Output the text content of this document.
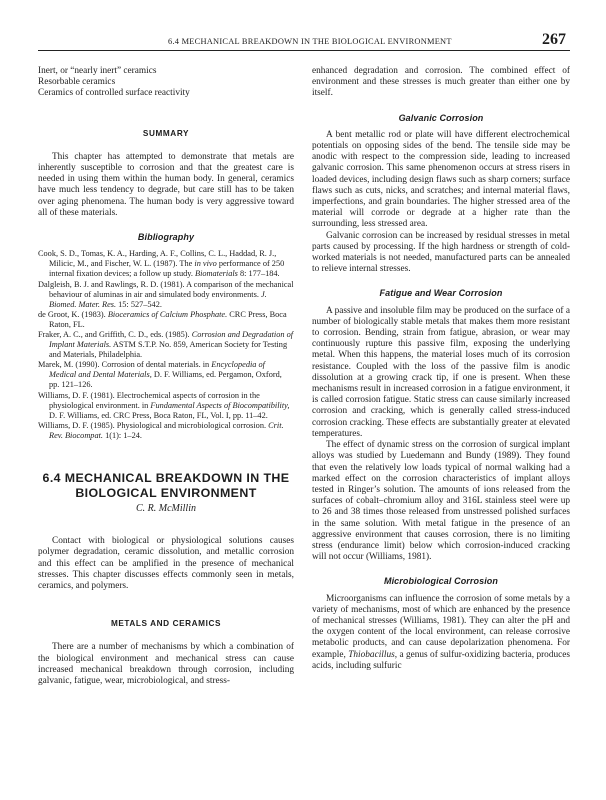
6.4 MECHANICAL BREAKDOWN IN THE BIOLOGICAL ENVIRONMENT	267
Inert, or “nearly inert” ceramics
Resorbable ceramics
Ceramics of controlled surface reactivity
SUMMARY

This chapter has attempted to demonstrate that metals are inherently susceptible to corrosion and that the greatest care is needed in using them within the human body. In general, ceramics have much less tendency to degrade, but care still has to be taken over aging phenomena. The human body is very aggressive toward all of these materials.

Bibliography

Cook, S. D., Tomas, K. A., Harding, A. F., Collins, C. L., Haddad, R. J., Milicic, M., and Fischer, W. L. (1987). The in vivo performance of 250 internal fixation devices; a follow up study. Biomaterials 8: 177–184.

Dalgleish, B. J. and Rawlings, R. D. (1981). A comparison of the mechanical behaviour of aluminas in air and simulated body environments. J. Biomed. Mater. Res. 15: 527–542.

de Groot, K. (1983). Bioceramics of Calcium Phosphate. CRC Press, Boca Raton, FL.

Fraker, A. C., and Griffith, C. D., eds. (1985). Corrosion and Degradation of Implant Materials. ASTM S.T.P. No. 859, American Society for Testing and Materials, Philadelphia.

Marek, M. (1990). Corrosion of dental materials. in Encyclopedia of Medical and Dental Materials, D. F. Williams, ed. Pergamon, Oxford, pp. 121–126.

Williams, D. F. (1981). Electrochemical aspects of corrosion in the physiological environment. in Fundamental Aspects of Biocompatibility, D. F. Williams, ed. CRC Press, Boca Raton, FL, Vol. I, pp. 11–42.

Williams, D. F. (1985). Physiological and microbiological corrosion. Crit. Rev. Biocompat. 1(1): 1–24.

6.4 MECHANICAL BREAKDOWN IN THE
BIOLOGICAL ENVIRONMENT
C. R. McMillin

Contact with biological or physiological solutions causes polymer degradation, ceramic dissolution, and metallic corrosion and this effect can be amplified in the presence of mechanical stresses. This chapter discusses effects commonly seen in metals, ceramics, and polymers.

METALS AND CERAMICS

There are a number of mechanisms by which a combination of the biological environment and mechanical stress can cause increased mechanical breakdown through corrosion, including galvanic, fatigue, wear, microbiological, and stress-

enhanced degradation and corrosion. The combined effect of environment and these stresses is much greater than either one by itself.

Galvanic Corrosion

A bent metallic rod or plate will have different electrochemical potentials on opposing sides of the bend. The tensile side may be anodic with respect to the compression side, leading to increased galvanic corrosion. This same phenomenon occurs at stress risers in loaded devices, including design flaws such as sharp corners; surface flaws such as cuts, nicks, and scratches; and internal material flaws, imperfections, and grain boundaries. The higher stressed area of the material will corrode or degrade at a higher rate than the surrounding, less stressed area.

Galvanic corrosion can be increased by residual stresses in metal parts caused by processing. If the high hardness or strength of cold-worked materials is not needed, manufactured parts can be annealed to relieve internal stresses.

Fatigue and Wear Corrosion

A passive and insoluble film may be produced on the surface of a number of biologically stable metals that makes them more resistant to corrosion. Bending, strain from fatigue, abrasion, or wear may continuously rupture this passive film, exposing the underlying metal. When this happens, the material loses much of its corrosion resistance. Coupled with the loss of the passive film is anodic dissolution at a growing crack tip, if one is present. When these mechanisms result in increased corrosion in a fatigue environment, it is called corrosion fatigue. Static stress can cause similarly increased corrosion and cracking, which is generally called stress-induced corrosion cracking. These effects are substantially greater at elevated temperatures.

The effect of dynamic stress on the corrosion of surgical implant alloys was studied by Luedemann and Bundy (1989). They found that even the relatively low loads typical of normal walking had a marked effect on the corrosion characteristics of implant alloys tested in Ringer’s solution. The amounts of ions released from the surfaces of cobalt–chromium alloy and 316L stainless steel were up to 26 and 38 times those released from unstressed polished surfaces in the same solution. With metal fatigue in the presence of an aggressive environment that causes corrosion, there is no limiting stress (endurance limit) below which corrosion-induced cracking will not occur (Williams, 1981).

Microbiological Corrosion

Microorganisms can influence the corrosion of some metals by a variety of mechanisms, most of which are enhanced by the presence of mechanical stresses (Williams, 1981). They can alter the pH and the oxygen content of the local environment, can release corrosive metabolic products, and can cause depolarization phenomena. For example, Thiobacillus, a genus of sulfur-oxidizing bacteria, produces acids, including sulfuric
